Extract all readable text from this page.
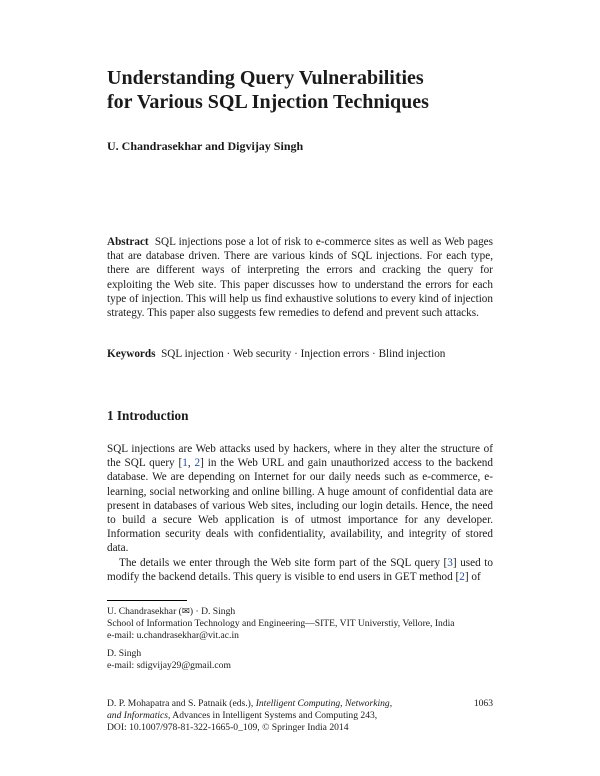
Understanding Query Vulnerabilities
for Various SQL Injection Techniques

U. Chandrasekhar and Digvijay Singh

Abstract SQL injections pose a lot of risk to e-commerce sites as well as Web pages that are database driven. There are various kinds of SQL injections. For each type, there are different ways of interpreting the errors and cracking the query for exploiting the Web site. This paper discusses how to understand the errors for each type of injection. This will help us find exhaustive solutions to every kind of injection strategy. This paper also suggests few remedies to defend and prevent such attacks.

Keywords SQL injection · Web security · Injection errors · Blind injection

1 Introduction

SQL injections are Web attacks used by hackers, where in they alter the structure of the SQL query [1, 2] in the Web URL and gain unauthorized access to the backend database. We are depending on Internet for our daily needs such as e-commerce, e-learning, social networking and online billing. A huge amount of confidential data are present in databases of various Web sites, including our login details. Hence, the need to build a secure Web application is of utmost importance for any developer. Information security deals with confidentiality, availability, and integrity of stored data.

The details we enter through the Web site form part of the SQL query [3] used to modify the backend details. This query is visible to end users in GET method [2] of

U. Chandrasekhar (✉) · D. Singh
School of Information Technology and Engineering—SITE, VIT Universtiy, Vellore, India
e-mail: u.chandrasekhar@vit.ac.in

D. Singh
e-mail: sdigvijay29@gmail.com

D. P. Mohapatra and S. Patnaik (eds.), Intelligent Computing, Networking,
and Informatics, Advances in Intelligent Systems and Computing 243,
DOI: 10.1007/978-81-322-1665-0_109, © Springer India 2014

1063
